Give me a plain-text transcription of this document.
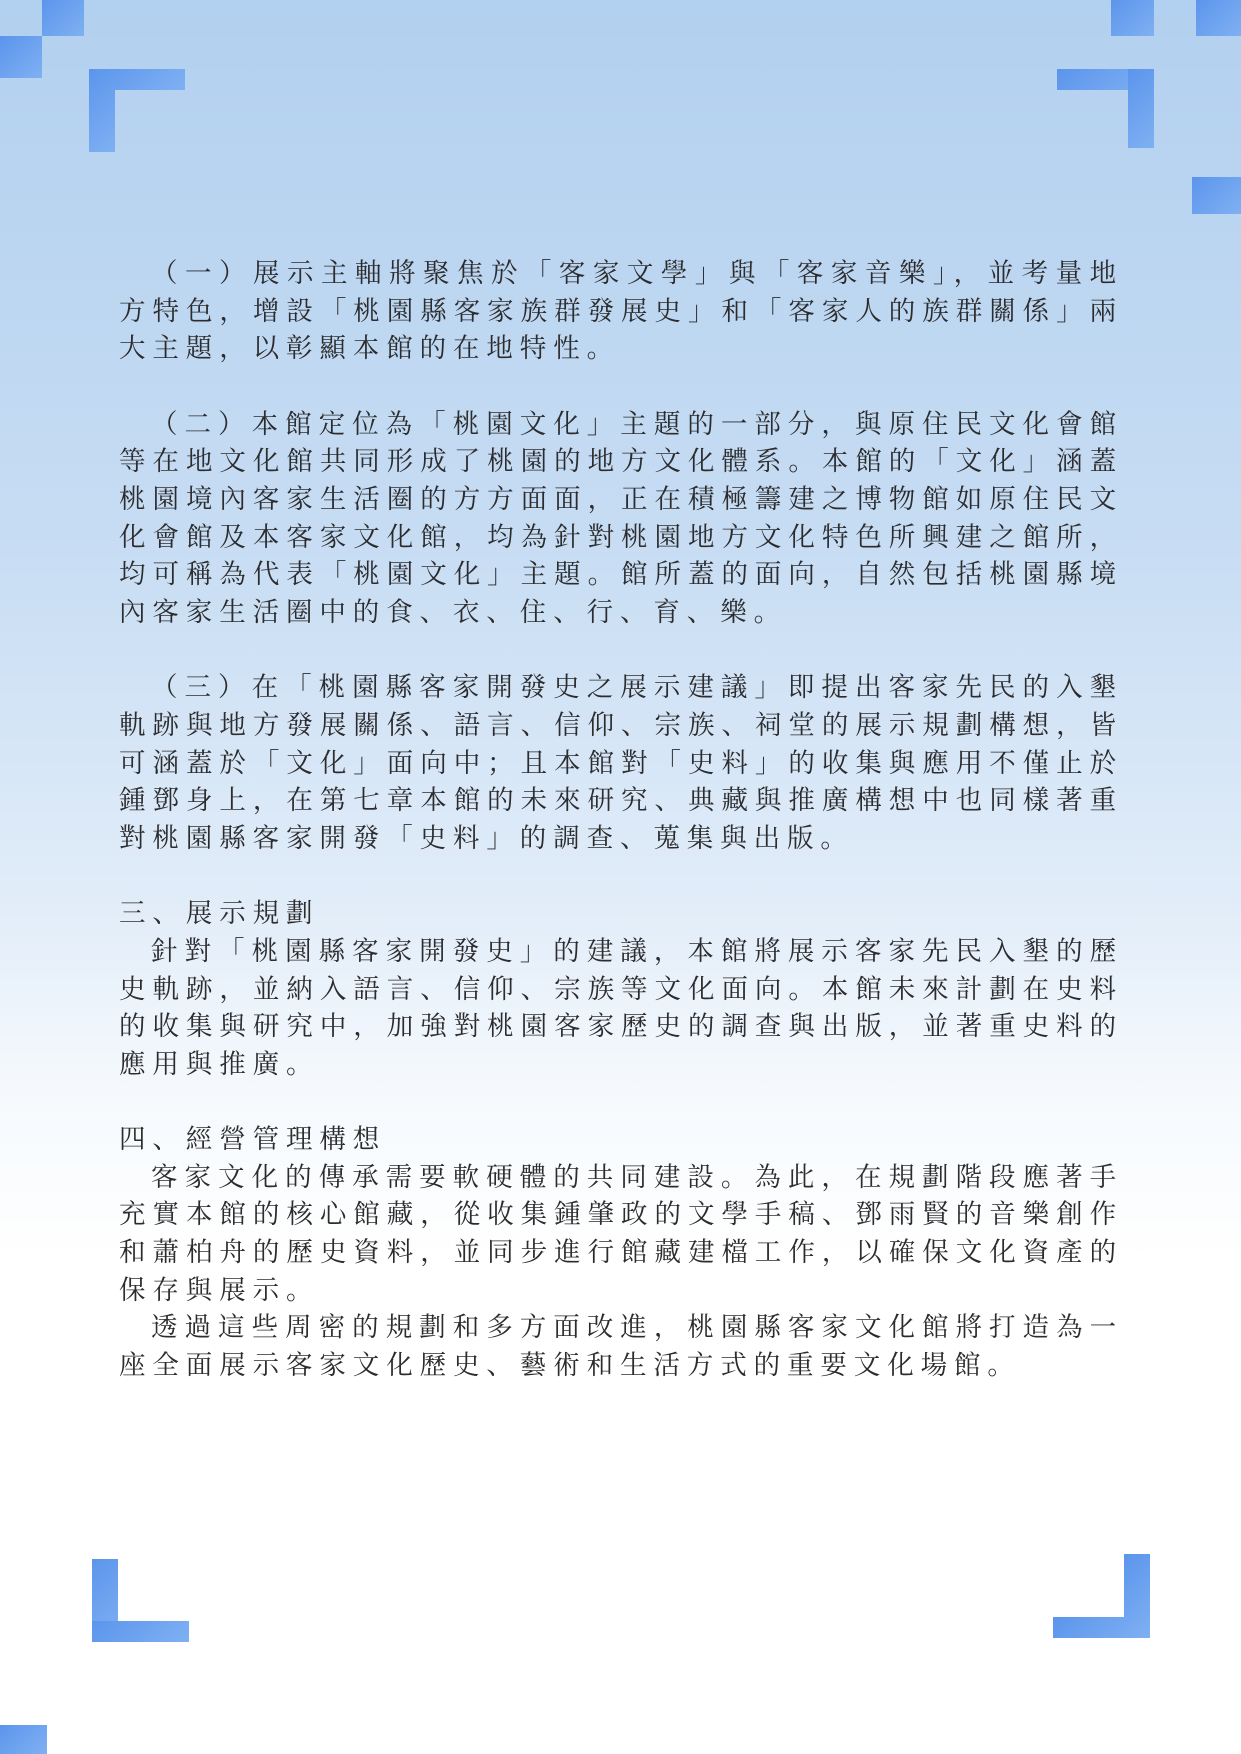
（一）展示主軸將聚焦於「客家文學」與「客家音樂」，並考量地方特色，增設「桃園縣客家族群發展史」和「客家人的族群關係」兩大主題，以彰顯本館的在地特性。

（二）本館定位為「桃園文化」主題的一部分，與原住民文化會館等在地文化館共同形成了桃園的地方文化體系。本館的「文化」涵蓋桃園境內客家生活圈的方方面面，正在積極籌建之博物館如原住民文化會館及本客家文化館，均為針對桃園地方文化特色所興建之館所，均可稱為代表「桃園文化」主題。館所蓋的面向，自然包括桃園縣境內客家生活圈中的食、衣、住、行、育、樂。

（三）在「桃園縣客家開發史之展示建議」即提出客家先民的入墾軌跡與地方發展關係、語言、信仰、宗族、祠堂的展示規劃構想，皆可涵蓋於「文化」面向中；且本館對「史料」的收集與應用不僅止於鍾鄧身上，在第七章本館的未來研究、典藏與推廣構想中也同樣著重對桃園縣客家開發「史料」的調查、蒐集與出版。

三、展示規劃

針對「桃園縣客家開發史」的建議，本館將展示客家先民入墾的歷史軌跡，並納入語言、信仰、宗族等文化面向。本館未來計劃在史料的收集與研究中，加強對桃園客家歷史的調查與出版，並著重史料的應用與推廣。

四、經營管理構想

客家文化的傳承需要軟硬體的共同建設。為此，在規劃階段應著手充實本館的核心館藏，從收集鍾肇政的文學手稿、鄧雨賢的音樂創作和蕭柏舟的歷史資料，並同步進行館藏建檔工作，以確保文化資產的保存與展示。

透過這些周密的規劃和多方面改進，桃園縣客家文化館將打造為一座全面展示客家文化歷史、藝術和生活方式的重要文化場館。
